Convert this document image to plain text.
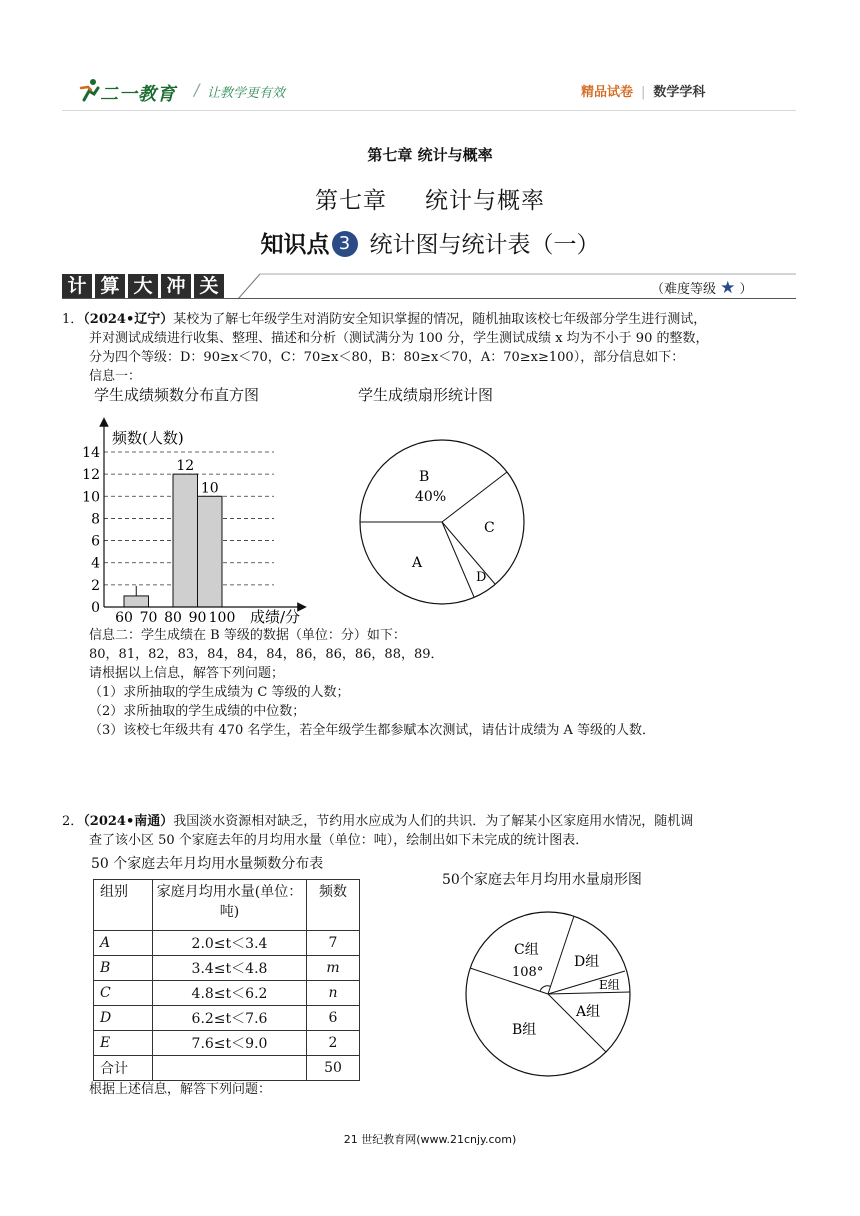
二一教育 / 让教学更有效	精品试卷 | 数学学科
第七章 统计与概率
第七章 统计与概率
知识点 3 统计图与统计表（一）
计 算 大 冲 关	（难度等级 ★ ）
1．（2024•辽宁）某校为了解七年级学生对消防安全知识掌握的情况，随机抽取该校七年级部分学生进行测试，
并对测试成绩进行收集、整理、描述和分析（测试满分为 100 分，学生测试成绩 x 均为不小于 90 的整数，
分为四个等级：D：90≥x＜70，C：70≥x＜80，B：80≥x＜70，A：70≥x≥100），部分信息如下：
信息一：
学生成绩频数分布直方图	学生成绩扇形统计图
0
2
4
6
8
10
12
14
60 70 80 90 100
12
10
频数(人数)
成绩/分
B
40%
C
D
A
信息二：学生成绩在 B 等级的数据（单位：分）如下：
80，81，82，83，84，84，84，86，86，86，88，89．
请根据以上信息，解答下列问题；
（1）求所抽取的学生成绩为 C 等级的人数；
（2）求所抽取的学生成绩的中位数；
（3）该校七年级共有 470 名学生，若全年级学生都参赋本次测试，请估计成绩为 A 等级的人数．
2．（2024•南通）我国淡水资源相对缺乏，节约用水应成为人们的共识．为了解某小区家庭用水情况，随机调
查了该小区 50 个家庭去年的月均用水量（单位：吨），绘制出如下未完成的统计图表．
50 个家庭去年月均用水量频数分布表
50个家庭去年月均用水量扇形图
组别	家庭月均用水量(单位：
吨)	频数
A	2.0≤t＜3.4	7
B	3.4≤t＜4.8	m
C	4.8≤t＜6.2	n
D	6.2≤t＜7.6	6
E	7.6≤t＜9.0	2
合计		50
C组
108°
D组
E组
A组
B组
根据上述信息，解答下列问题：
21 世纪教育网(www.21cnjy.com)
